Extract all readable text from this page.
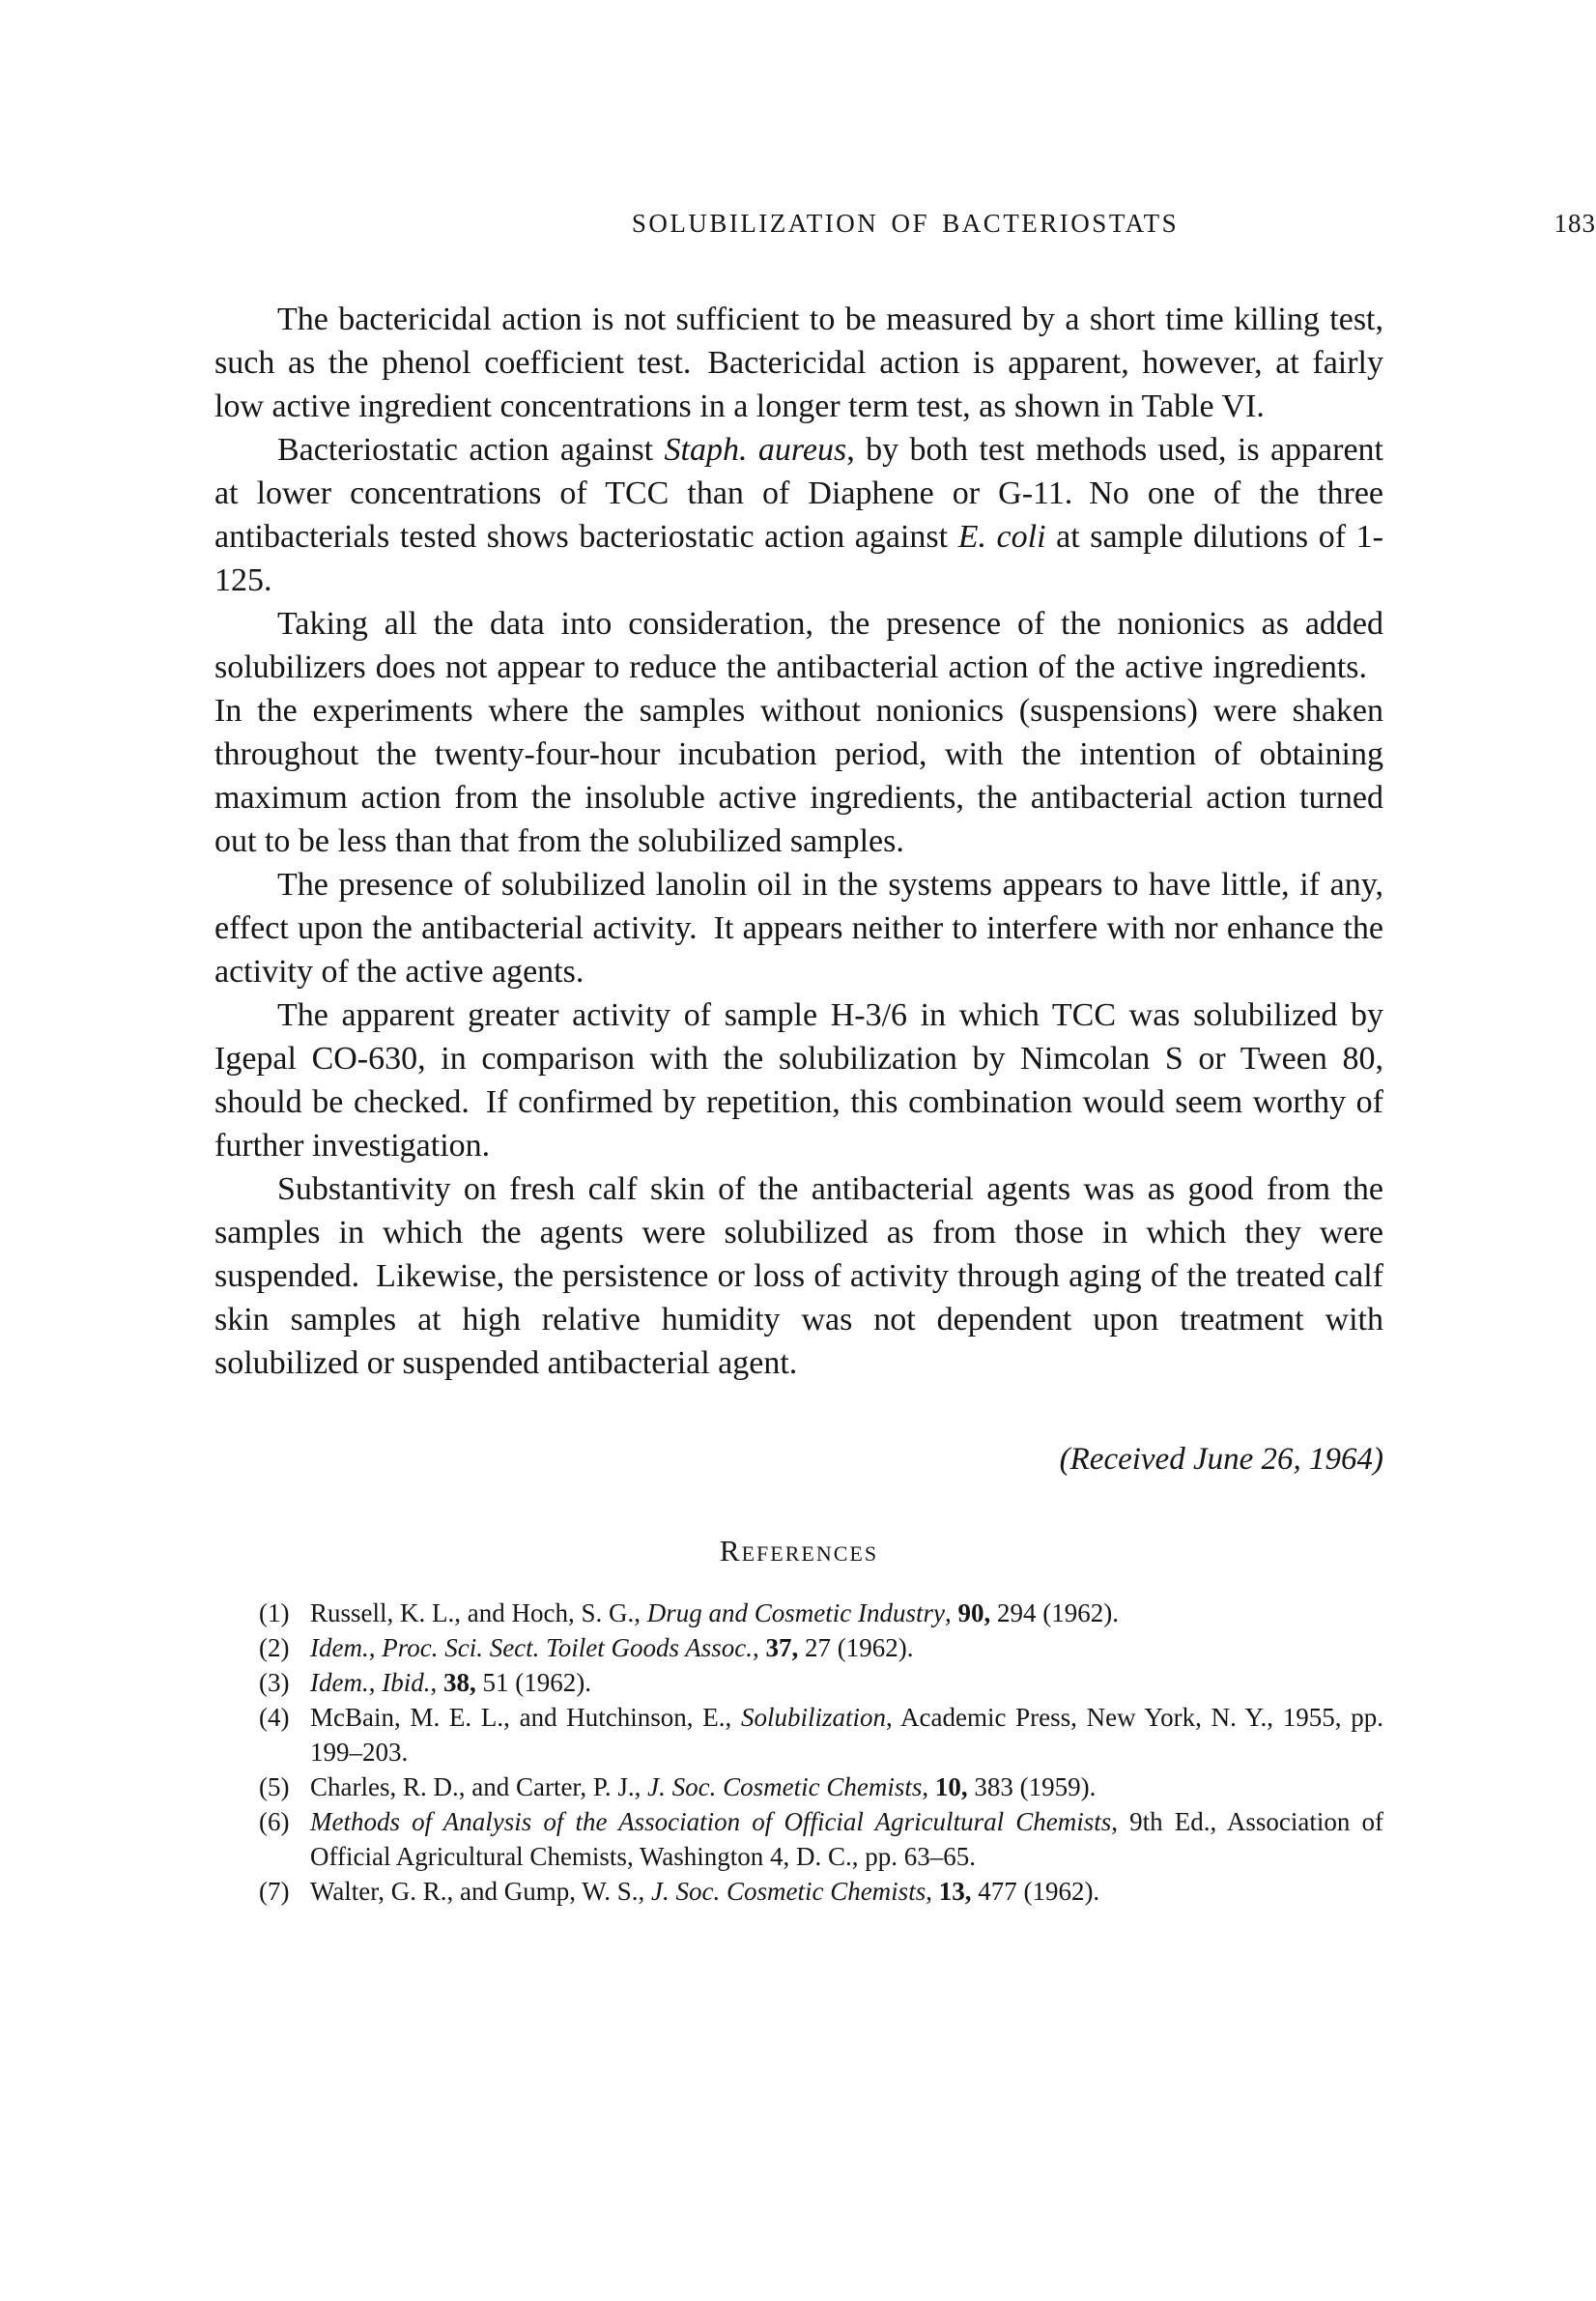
SOLUBILIZATION OF BACTERIOSTATS	183

The bactericidal action is not sufficient to be measured by a short time killing test, such as the phenol coefficient test. Bactericidal action is apparent, however, at fairly low active ingredient concentrations in a longer term test, as shown in Table VI.

Bacteriostatic action against Staph. aureus, by both test methods used, is apparent at lower concentrations of TCC than of Diaphene or G-11. No one of the three antibacterials tested shows bacteriostatic action against E. coli at sample dilutions of 1-125.

Taking all the data into consideration, the presence of the nonionics as added solubilizers does not appear to reduce the antibacterial action of the active ingredients. In the experiments where the samples without nonionics (suspensions) were shaken throughout the twenty-four-hour incubation period, with the intention of obtaining maximum action from the insoluble active ingredients, the antibacterial action turned out to be less than that from the solubilized samples.

The presence of solubilized lanolin oil in the systems appears to have little, if any, effect upon the antibacterial activity. It appears neither to interfere with nor enhance the activity of the active agents.

The apparent greater activity of sample H-3/6 in which TCC was solubilized by Igepal CO-630, in comparison with the solubilization by Nimcolan S or Tween 80, should be checked. If confirmed by repetition, this combination would seem worthy of further investigation.

Substantivity on fresh calf skin of the antibacterial agents was as good from the samples in which the agents were solubilized as from those in which they were suspended. Likewise, the persistence or loss of activity through aging of the treated calf skin samples at high relative humidity was not dependent upon treatment with solubilized or suspended antibacterial agent.

(Received June 26, 1964)

References
(1) Russell, K. L., and Hoch, S. G., Drug and Cosmetic Industry, 90, 294 (1962).
(2) Idem., Proc. Sci. Sect. Toilet Goods Assoc., 37, 27 (1962).
(3) Idem., Ibid., 38, 51 (1962).
(4) McBain, M. E. L., and Hutchinson, E., Solubilization, Academic Press, New York, N. Y., 1955, pp. 199–203.
(5) Charles, R. D., and Carter, P. J., J. Soc. Cosmetic Chemists, 10, 383 (1959).
(6) Methods of Analysis of the Association of Official Agricultural Chemists, 9th Ed., Association of Official Agricultural Chemists, Washington 4, D. C., pp. 63–65.
(7) Walter, G. R., and Gump, W. S., J. Soc. Cosmetic Chemists, 13, 477 (1962).
